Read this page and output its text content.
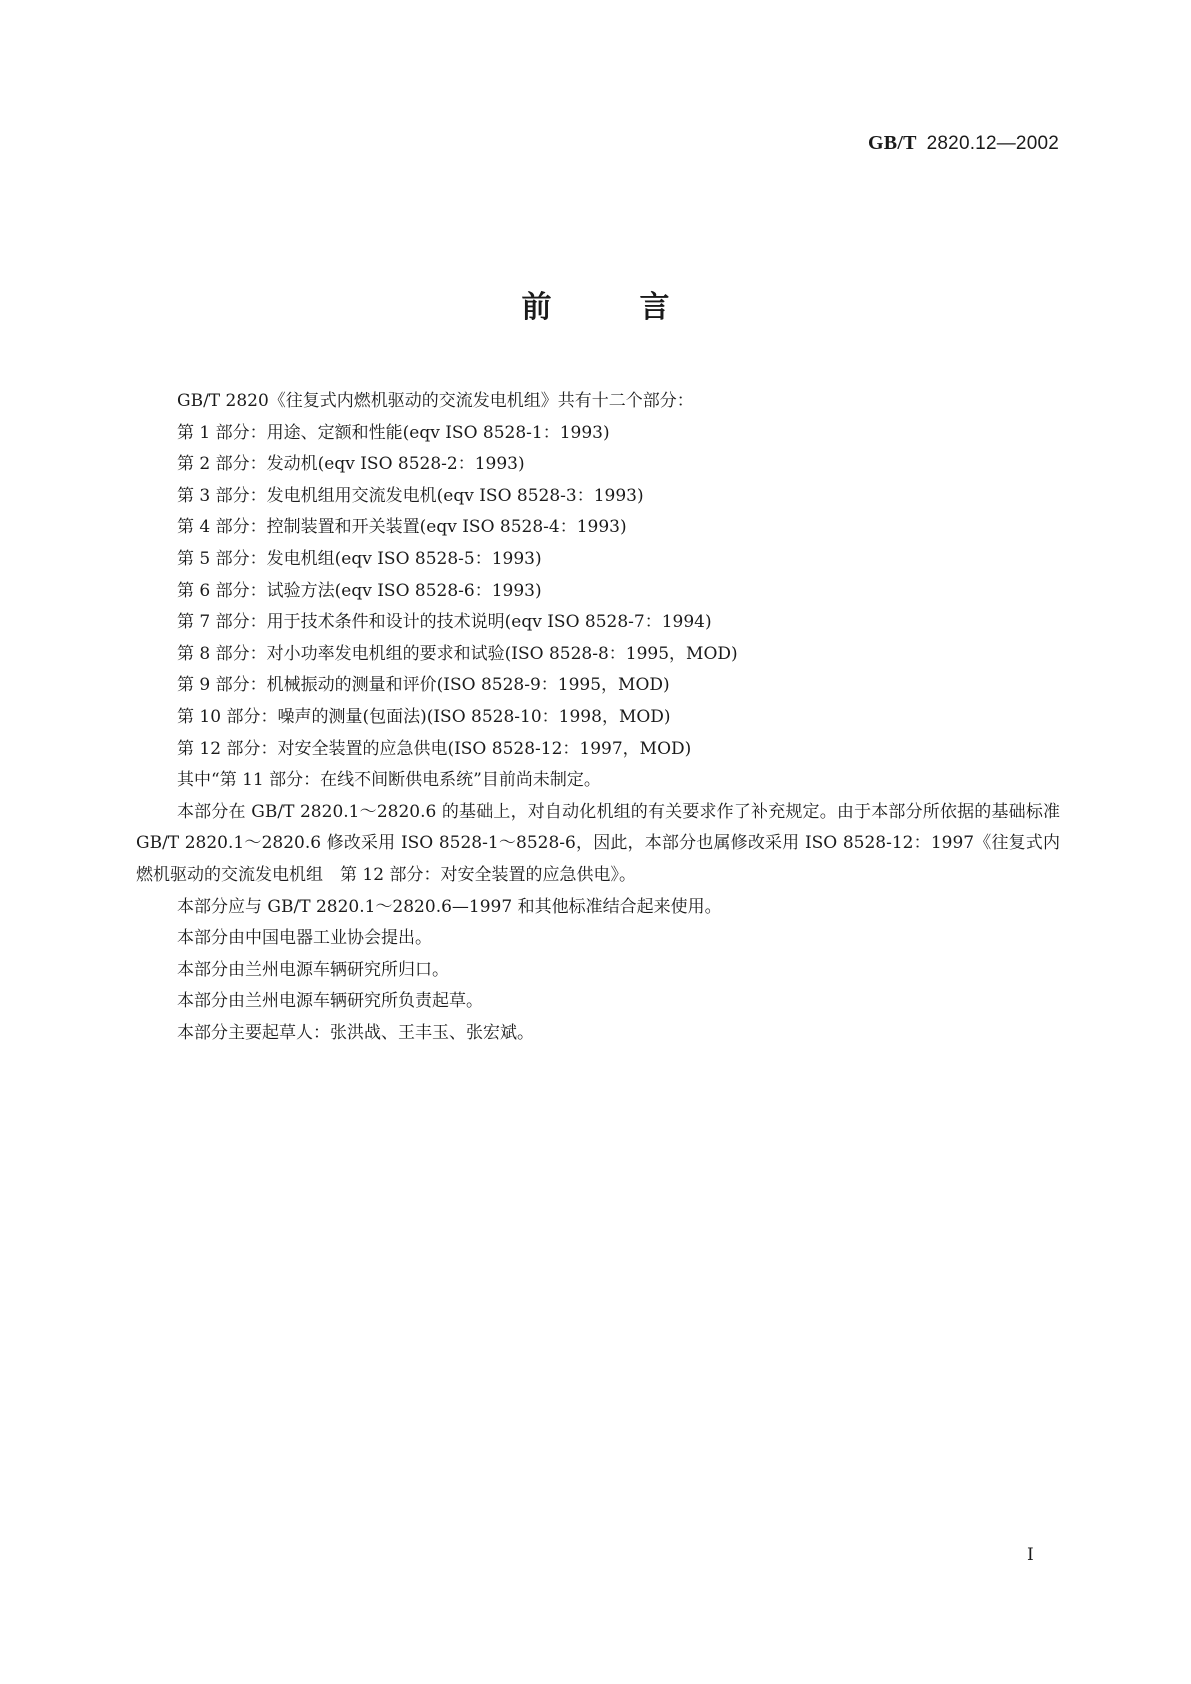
GB/T 2820.12—2002
前	言
GB/T 2820《往复式内燃机驱动的交流发电机组》共有十二个部分：
第 1 部分：用途、定额和性能(eqv ISO 8528-1：1993)
第 2 部分：发动机(eqv ISO 8528-2：1993)
第 3 部分：发电机组用交流发电机(eqv ISO 8528-3：1993)
第 4 部分：控制装置和开关装置(eqv ISO 8528-4：1993)
第 5 部分：发电机组(eqv ISO 8528-5：1993)
第 6 部分：试验方法(eqv ISO 8528-6：1993)
第 7 部分：用于技术条件和设计的技术说明(eqv ISO 8528-7：1994)
第 8 部分：对小功率发电机组的要求和试验(ISO 8528-8：1995，MOD)
第 9 部分：机械振动的测量和评价(ISO 8528-9：1995，MOD)
第 10 部分：噪声的测量(包面法)(ISO 8528-10：1998，MOD)
第 12 部分：对安全装置的应急供电(ISO 8528-12：1997，MOD)
其中“第 11 部分：在线不间断供电系统”目前尚未制定。
本部分在 GB/T 2820.1～2820.6 的基础上，对自动化机组的有关要求作了补充规定。由于本部分所依据的基础标准 GB/T 2820.1～2820.6 修改采用 ISO 8528-1～8528-6，因此，本部分也属修改采用 ISO 8528-12：1997《往复式内燃机驱动的交流发电机组　第 12 部分：对安全装置的应急供电》。
本部分应与 GB/T 2820.1～2820.6—1997 和其他标准结合起来使用。
本部分由中国电器工业协会提出。
本部分由兰州电源车辆研究所归口。
本部分由兰州电源车辆研究所负责起草。
本部分主要起草人：张洪战、王丰玉、张宏斌。
I
